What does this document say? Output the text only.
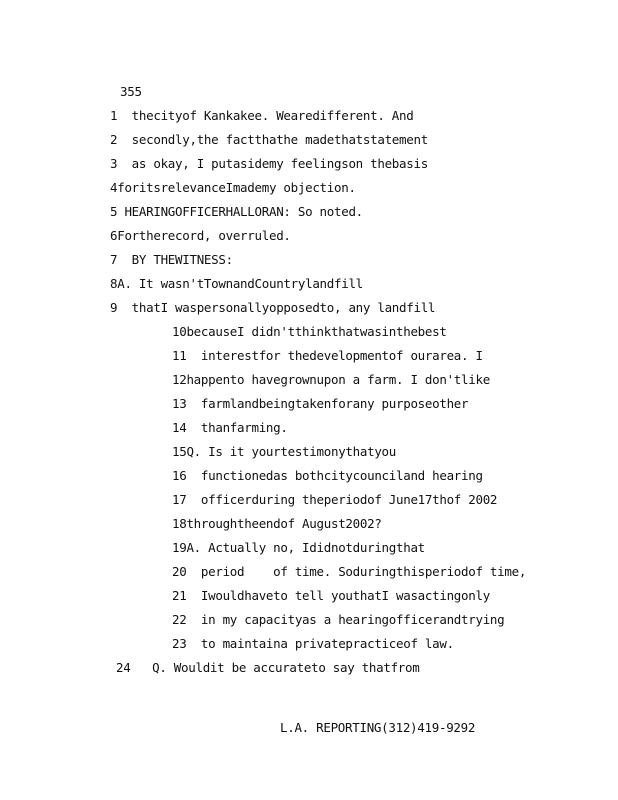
355
1  thecityof Kankakee. Wearedifferent. And
2  secondly,the factthathe madethatstatement
3  as okay, I putasidemy feelingson thebasis
4foritsrelevanceImademy objection.
5 HEARINGOFFICERHALLORAN: So noted.
6Fortherecord, overruled.
7  BY THEWITNESS:
8A. It wasn'tTownandCountrylandfill
9  thatI waspersonallyopposedto, any landfill
10becauseI didn'tthinkthatwasinthebest
11  interestfor thedevelopmentof ourarea. I
12happento havegrownupon a farm. I don'tlike
13  farmlandbeingtakenforany purposeother
14  thanfarming.
15Q. Is it yourtestimonythatyou
16  functionedas bothcitycounciland hearing
17  officerduring theperiodof June17thof 2002
18throughtheendof August2002?
19A. Actually no, Ididnotduringthat
20  period    of time. Soduringthisperiodof time,
21  Iwouldhaveto tell youthatI wasactingonly
22  in my capacityas a hearingofficerandtrying
23  to maintaina privatepracticeof law.
24   Q. Wouldit be accurateto say thatfrom
L.A. REPORTING(312)419-9292
